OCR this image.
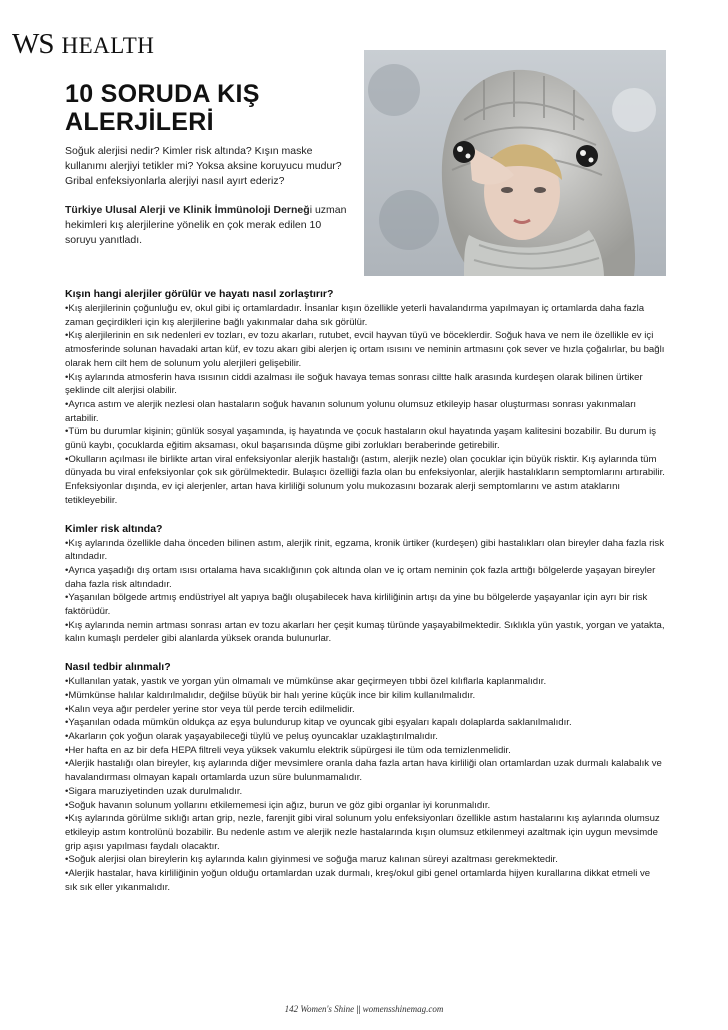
WS HEALTH
10 SORUDA KIŞ ALERJİLERİ

Soğuk alerjisi nedir? Kimler risk altında? Kışın maske kullanımı alerjiyi tetikler mi? Yoksa aksine koruyucu mudur? Gribal enfeksiyonlarla alerjiyi nasıl ayırt ederiz?

Türkiye Ulusal Alerji ve Klinik İmmünoloji Derneği uzman hekimleri kış alerjilerine yönelik en çok merak edilen 10 soruyu yanıtladı.

Kışın hangi alerjiler görülür ve hayatı nasıl zorlaştırır?

•Kış alerjilerinin çoğunluğu ev, okul gibi iç ortamlardadır. İnsanlar kışın özellikle yeterli havalandırma yapılmayan iç ortamlarda daha fazla zaman geçirdikleri için kış alerjilerine bağlı yakınmalar daha sık görülür.

•Kış alerjilerinin en sık nedenleri ev tozları, ev tozu akarları, rutubet, evcil hayvan tüyü ve böceklerdir. Soğuk hava ve nem ile özellikle ev içi atmosferinde solunan havadaki artan küf, ev tozu akarı gibi alerjen iç ortam ısısını ve neminin artmasını çok sever ve hızla çoğalırlar, bu bağlı olarak hem cilt hem de solunum yolu alerjileri gelişebilir.

•Kış aylarında atmosferin hava ısısının ciddi azalması ile soğuk havaya temas sonrası ciltte halk arasında kurdeşen olarak bilinen ürtiker şeklinde cilt alerjisi olabilir.

•Ayrıca astım ve alerjik nezlesi olan hastaların soğuk havanın solunum yolunu olumsuz etkileyip hasar oluşturması sonrası yakınmaları artabilir.

•Tüm bu durumlar kişinin; günlük sosyal yaşamında, iş hayatında ve çocuk hastaların okul hayatında yaşam kalitesini bozabilir. Bu durum iş günü kaybı, çocuklarda eğitim aksaması, okul başarısında düşme gibi zorlukları beraberinde getirebilir.

•Okulların açılması ile birlikte artan viral enfeksiyonlar alerjik hastalığı (astım, alerjik nezle) olan çocuklar için büyük risktir. Kış aylarında tüm dünyada bu viral enfeksiyonlar çok sık görülmektedir. Bulaşıcı özelliği fazla olan bu enfeksiyonlar, alerjik hastalıkların semptomlarını artırabilir. Enfeksiyonlar dışında, ev içi alerjenler, artan hava kirliliği solunum yolu mukozasını bozarak alerji semptomlarını ve astım ataklarını tetikleyebilir.

Kimler risk altında?

•Kış aylarında özellikle daha önceden bilinen astım, alerjik rinit, egzama, kronik ürtiker (kurdeşen) gibi hastalıkları olan bireyler daha fazla risk altındadır.

•Ayrıca yaşadığı dış ortam ısısı ortalama hava sıcaklığının çok altında olan ve iç ortam neminin çok fazla arttığı bölgelerde yaşayan bireyler daha fazla risk altındadır.

•Yaşanılan bölgede artmış endüstriyel alt yapıya bağlı oluşabilecek hava kirliliğinin artışı da yine bu bölgelerde yaşayanlar için ayrı bir risk faktörüdür.

•Kış aylarında nemin artması sonrası artan ev tozu akarları her çeşit kumaş türünde yaşayabilmektedir. Sıklıkla yün yastık, yorgan ve yatakta, kalın kumaşlı perdeler gibi alanlarda yüksek oranda bulunurlar.

Nasıl tedbir alınmalı?

•Kullanılan yatak, yastık ve yorgan yün olmamalı ve mümkünse akar geçirmeyen tıbbi özel kılıflarla kaplanmalıdır.

•Mümkünse halılar kaldırılmalıdır, değilse büyük bir halı yerine küçük ince bir kilim kullanılmalıdır.

•Kalın veya ağır perdeler yerine stor veya tül perde tercih edilmelidir.

•Yaşanılan odada mümkün oldukça az eşya bulundurup kitap ve oyuncak gibi eşyaları kapalı dolaplarda saklanılmalıdır.

•Akarların çok yoğun olarak yaşayabileceği tüylü ve peluş oyuncaklar uzaklaştırılmalıdır.

•Her hafta en az bir defa HEPA filtreli veya yüksek vakumlu elektrik süpürgesi ile tüm oda temizlenmelidir.

•Alerjik hastalığı olan bireyler, kış aylarında diğer mevsimlere oranla daha fazla artan hava kirliliği olan ortamlardan uzak durmalı kalabalık ve havalandırması olmayan kapalı ortamlarda uzun süre bulunmamalıdır.

•Sigara maruziyetinden uzak durulmalıdır.

•Soğuk havanın solunum yollarını etkilememesi için ağız, burun ve göz gibi organlar iyi korunmalıdır.

•Kış aylarında görülme sıklığı artan grip, nezle, farenjit gibi viral solunum yolu enfeksiyonları özellikle astım hastalarını kış aylarında olumsuz etkileyip astım kontrolünü bozabilir. Bu nedenle astım ve alerjik nezle hastalarında kışın olumsuz etkilenmeyi azaltmak için uygun mevsimde grip aşısı yapılması faydalı olacaktır.

•Soğuk alerjisi olan bireylerin kış aylarında kalın giyinmesi ve soğuğa maruz kalınan süreyi azaltması gerekmektedir.

•Alerjik hastalar, hava kirliliğinin yoğun olduğu ortamlardan uzak durmalı, kreş/okul gibi genel ortamlarda hijyen kurallarına dikkat etmeli ve sık sık eller yıkanmalıdır.

142 Women's Shine || womensshinemag.com
